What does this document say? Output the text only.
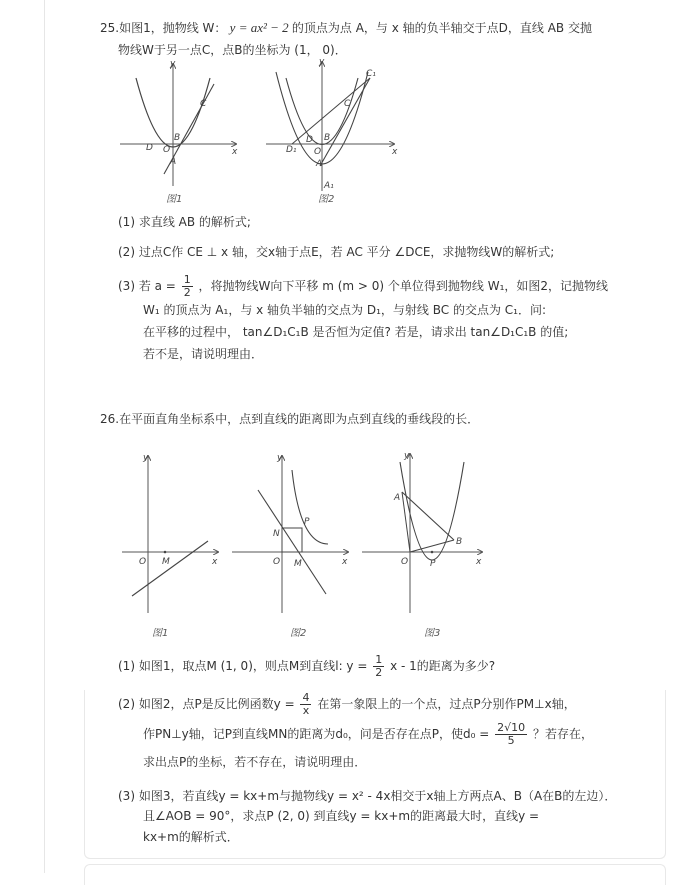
25.如图1，抛物线 W： y = ax² − 2 的顶点为点 A，与 x 轴的负半轴交于点D，直线 AB 交抛
物线W于另一点C，点B的坐标为 (1， 0)．
y
x
C
B
D O
A
图1
y
x
C₁
C
D B
D₁ O
A
A₁
图2
(1) 求直线 AB 的解析式;
(2) 过点C作 CE ⊥ x 轴，交x轴于点E，若 AC 平分 ∠DCE，求抛物线W的解析式;
(3) 若 $a = \frac{1}{2}$ ，将抛物线W向下平移 m (m > 0) 个单位得到抛物线 W₁，如图2，记抛物线
W₁ 的顶点为 A₁，与 x 轴负半轴的交点为 D₁，与射线 BC 的交点为 C₁．问:
在平移的过程中， tan∠D₁C₁B 是否恒为定值? 若是，请求出 tan∠D₁C₁B 的值;
若不是，请说明理由．
26.在平面直角坐标系中，点到直线的距离即为点到直线的垂线段的长．
y
x
O M
图1
y
x
N
P
O M
图2
y
x
A
B
O P
图3
(1) 如图1，取点M (1, 0)，则点M到直线l: $y = \frac{1}{2}$ x - 1的距离为多少?
(2) 如图2，点P是反比例函数$y = \frac{4}{x}$ 在第一象限上的一个点，过点P分别作PM⊥x轴，
作PN⊥y轴，记P到直线MN的距离为d₀，问是否存在点P，使$d_0 = \frac{2√10}{5}$ ？若存在，
求出点P的坐标，若不存在，请说明理由．
(3) 如图3，若直线y = kx+m与抛物线y = x² - 4x相交于x轴上方两点A、B（A在B的左边）．
且∠AOB = 90°，求点P (2, 0) 到直线y = kx+m的距离最大时，直线y =
kx+m的解析式．
